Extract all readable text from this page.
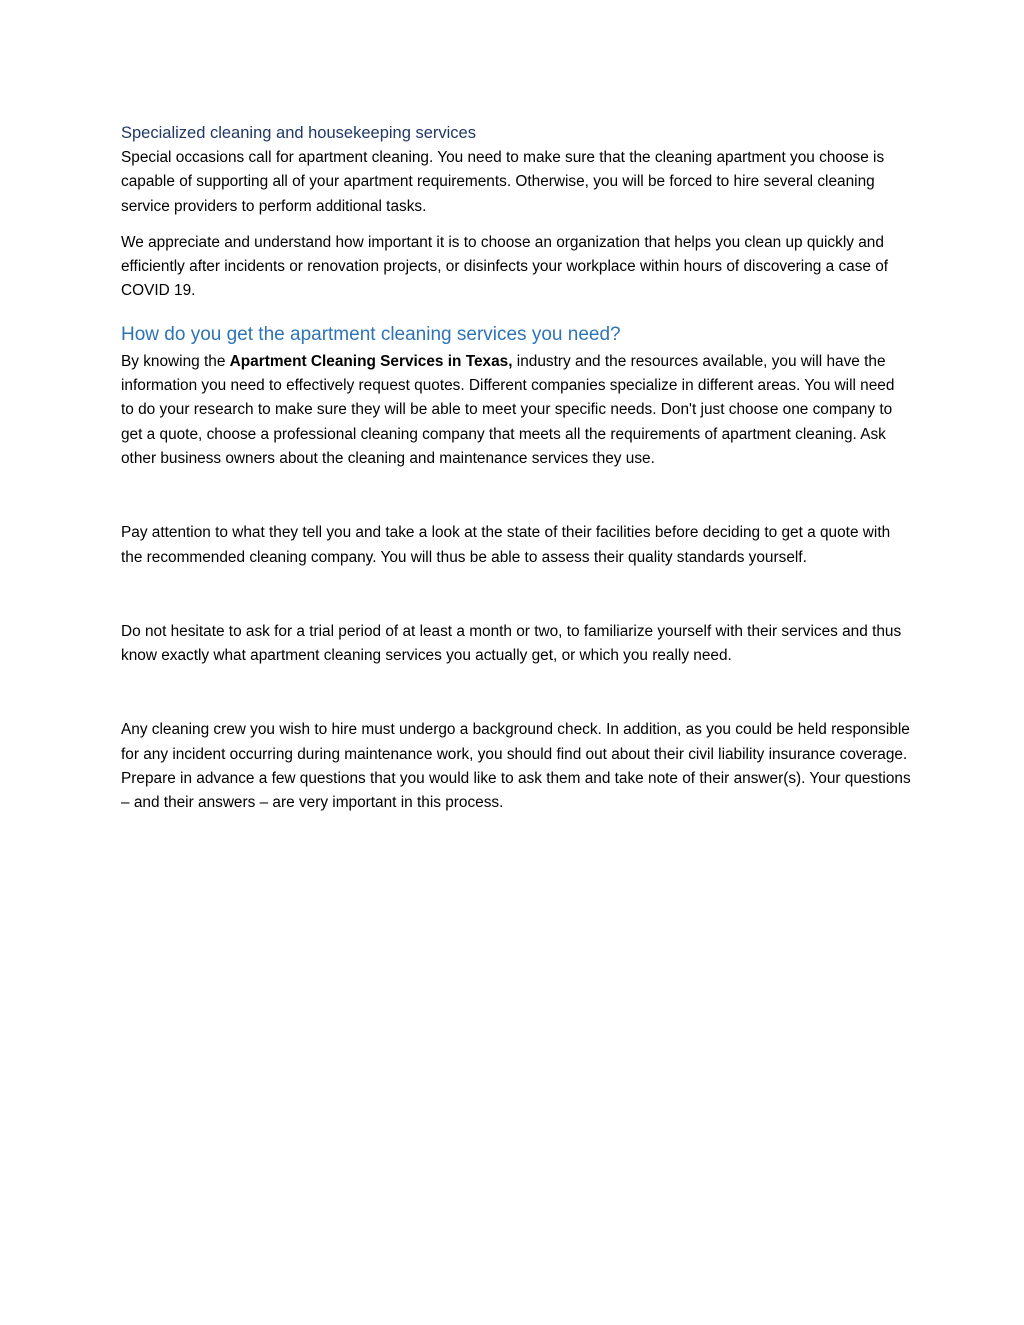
Specialized cleaning and housekeeping services

Special occasions call for apartment cleaning. You need to make sure that the cleaning apartment you choose is capable of supporting all of your apartment requirements. Otherwise, you will be forced to hire several cleaning service providers to perform additional tasks.

We appreciate and understand how important it is to choose an organization that helps you clean up quickly and efficiently after incidents or renovation projects, or disinfects your workplace within hours of discovering a case of COVID 19.

How do you get the apartment cleaning services you need?

By knowing the Apartment Cleaning Services in Texas, industry and the resources available, you will have the information you need to effectively request quotes. Different companies specialize in different areas. You will need to do your research to make sure they will be able to meet your specific needs. Don't just choose one company to get a quote, choose a professional cleaning company that meets all the requirements of apartment cleaning. Ask other business owners about the cleaning and maintenance services they use.

Pay attention to what they tell you and take a look at the state of their facilities before deciding to get a quote with the recommended cleaning company. You will thus be able to assess their quality standards yourself.

Do not hesitate to ask for a trial period of at least a month or two, to familiarize yourself with their services and thus know exactly what apartment cleaning services you actually get, or which you really need.

Any cleaning crew you wish to hire must undergo a background check. In addition, as you could be held responsible for any incident occurring during maintenance work, you should find out about their civil liability insurance coverage. Prepare in advance a few questions that you would like to ask them and take note of their answer(s). Your questions – and their answers – are very important in this process.
